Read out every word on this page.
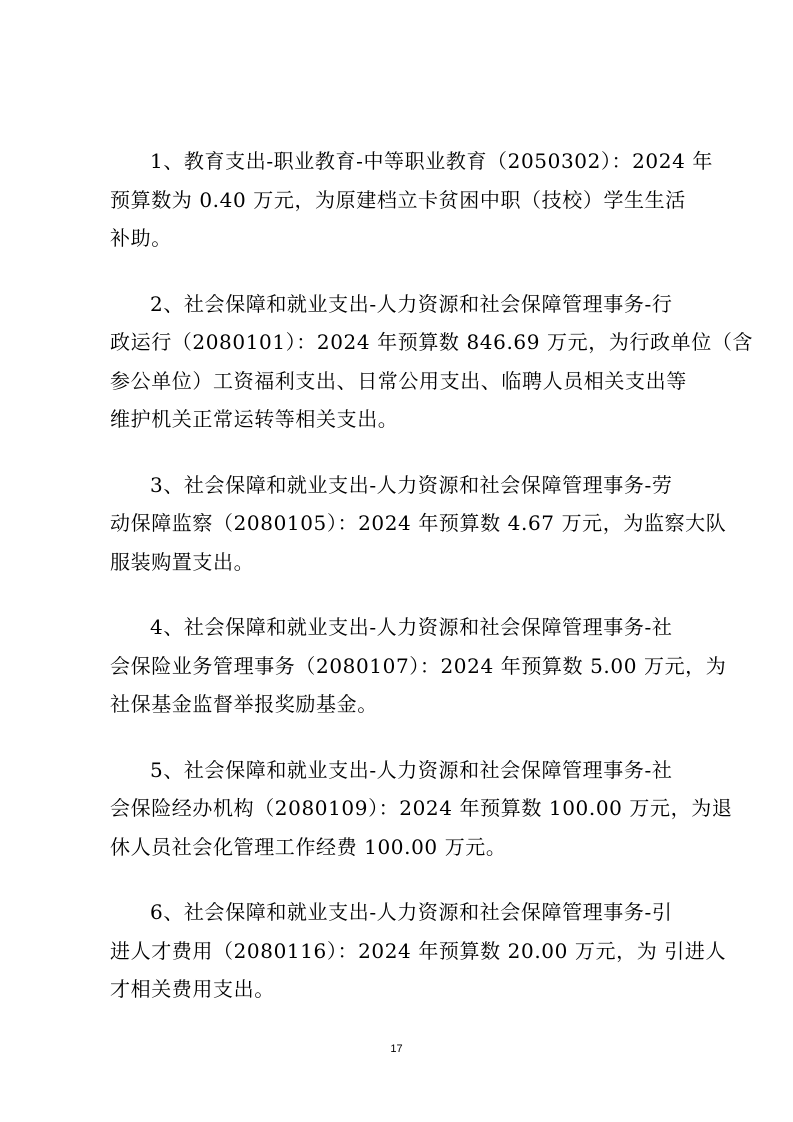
1、教育支出-职业教育-中等职业教育（2050302）：2024 年
预算数为 0.40 万元，为原建档立卡贫困中职（技校）学生生活
补助。

2、社会保障和就业支出-人力资源和社会保障管理事务-行
政运行（2080101）：2024 年预算数 846.69 万元，为行政单位（含
参公单位）工资福利支出、日常公用支出、临聘人员相关支出等
维护机关正常运转等相关支出。

3、社会保障和就业支出-人力资源和社会保障管理事务-劳
动保障监察（2080105）：2024 年预算数 4.67 万元，为监察大队
服装购置支出。

4、社会保障和就业支出-人力资源和社会保障管理事务-社
会保险业务管理事务（2080107）：2024 年预算数 5.00 万元，为
社保基金监督举报奖励基金。

5、社会保障和就业支出-人力资源和社会保障管理事务-社
会保险经办机构（2080109）：2024 年预算数 100.00 万元，为退
休人员社会化管理工作经费 100.00 万元。

6、社会保障和就业支出-人力资源和社会保障管理事务-引
进人才费用（2080116）：2024 年预算数 20.00 万元，为 引进人
才相关费用支出。

17
